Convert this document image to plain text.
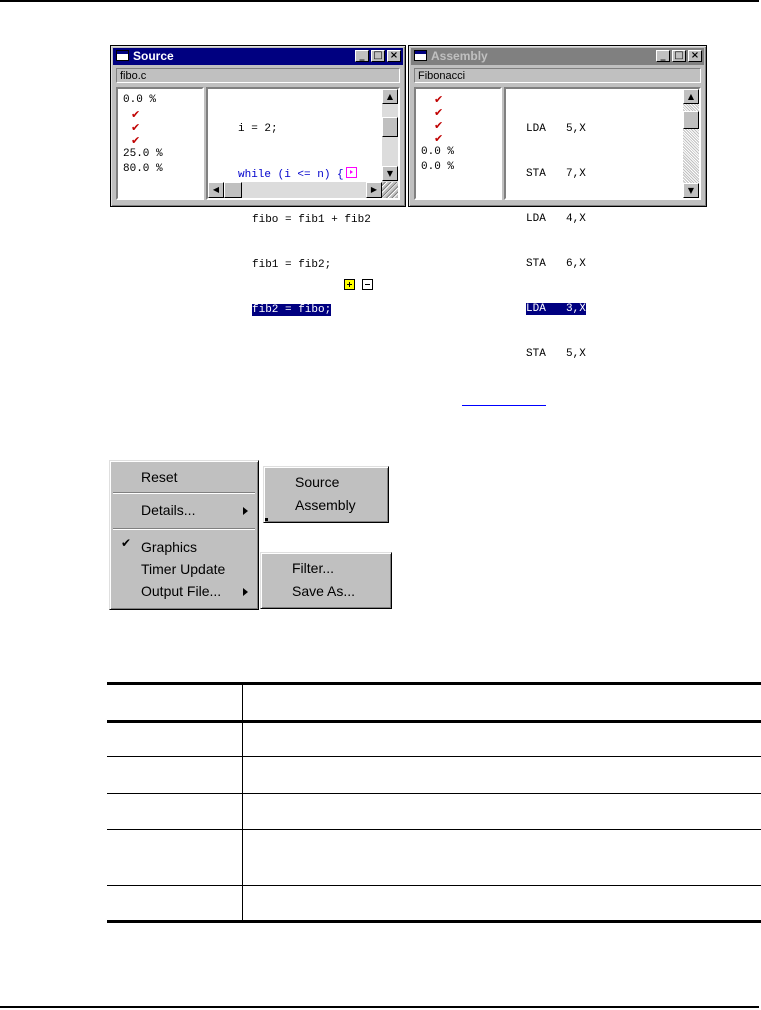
Source	_ □ ×
fibo.c
0.0 %
✔
✔
✔
25.0 %
80.0 %

i = 2;

while (i <= n) {

fibo = fib1 + fib2

fib1 = fib2;

fib2 = fibo;

▲
▼
◀	▶
Assembly	_ □ ×
Fibonacci
✔
✔
✔
✔
0.0 %
0.0 %

LDA 5,X

STA 7,X

LDA 4,X

STA 6,X

LDA 3,X

STA 5,X

▲
▼
Reset
Details...
✔ Graphics
Timer Update
Output File...
Source
Assembly
Filter...
Save As...
